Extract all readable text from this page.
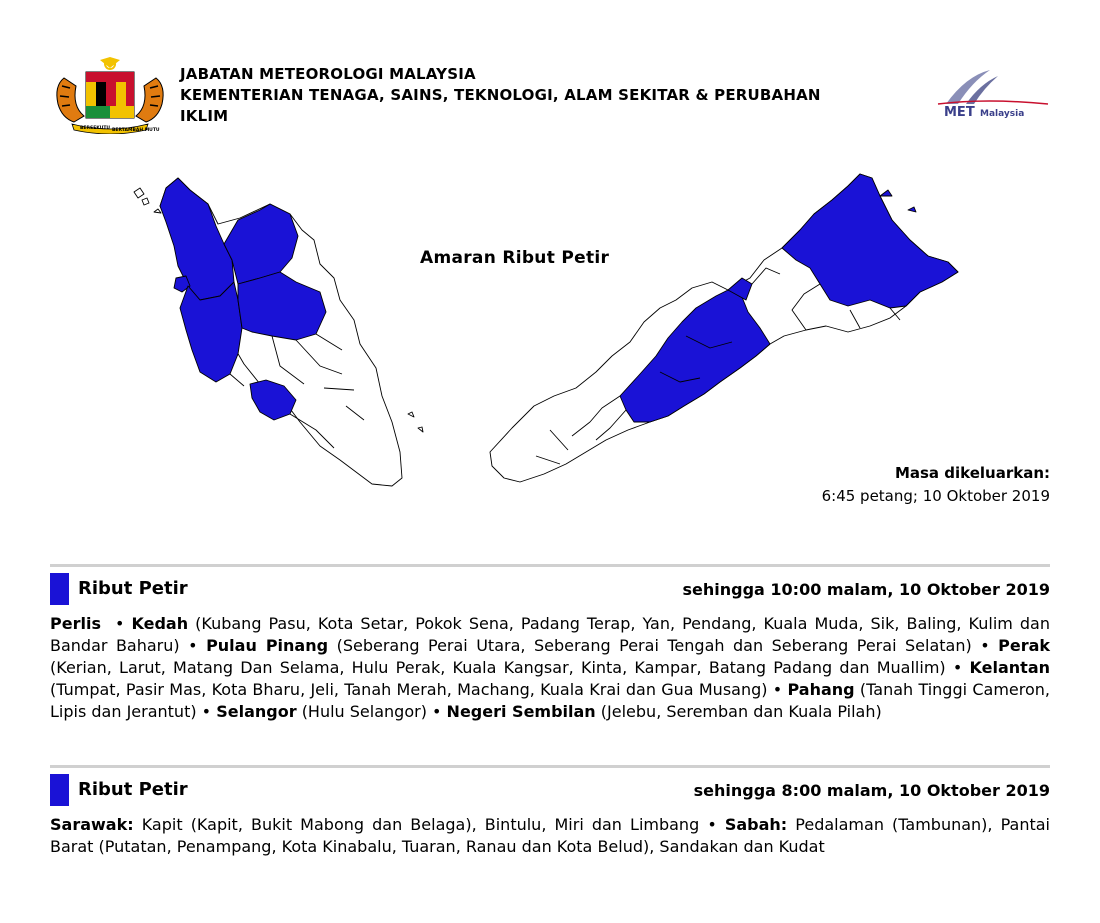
BERSEKUTU BERTAMBAH MUTU
JABATAN METEOROLOGI MALAYSIA
KEMENTERIAN TENAGA, SAINS, TEKNOLOGI, ALAM SEKITAR & PERUBAHAN
IKLIM	MET Malaysia
Amaran Ribut Petir
Masa dikeluarkan:
6:45 petang; 10 Oktober 2019
Ribut Petir	sehingga 10:00 malam, 10 Oktober 2019
Perlis  • Kedah (Kubang Pasu, Kota Setar, Pokok Sena, Padang Terap, Yan, Pendang, Kuala Muda, Sik, Baling, Kulim dan Bandar Baharu) • Pulau Pinang (Seberang Perai Utara, Seberang Perai Tengah dan Seberang Perai Selatan) • Perak (Kerian, Larut, Matang Dan Selama, Hulu Perak, Kuala Kangsar, Kinta, Kampar, Batang Padang dan Muallim) • Kelantan (Tumpat, Pasir Mas, Kota Bharu, Jeli, Tanah Merah, Machang, Kuala Krai dan Gua Musang) • Pahang (Tanah Tinggi Cameron, Lipis dan Jerantut) • Selangor (Hulu Selangor) • Negeri Sembilan (Jelebu, Seremban dan Kuala Pilah)
Ribut Petir	sehingga 8:00 malam, 10 Oktober 2019
Sarawak: Kapit (Kapit, Bukit Mabong dan Belaga), Bintulu, Miri dan Limbang • Sabah: Pedalaman (Tambunan), Pantai Barat (Putatan, Penampang, Kota Kinabalu, Tuaran, Ranau dan Kota Belud), Sandakan dan Kudat
